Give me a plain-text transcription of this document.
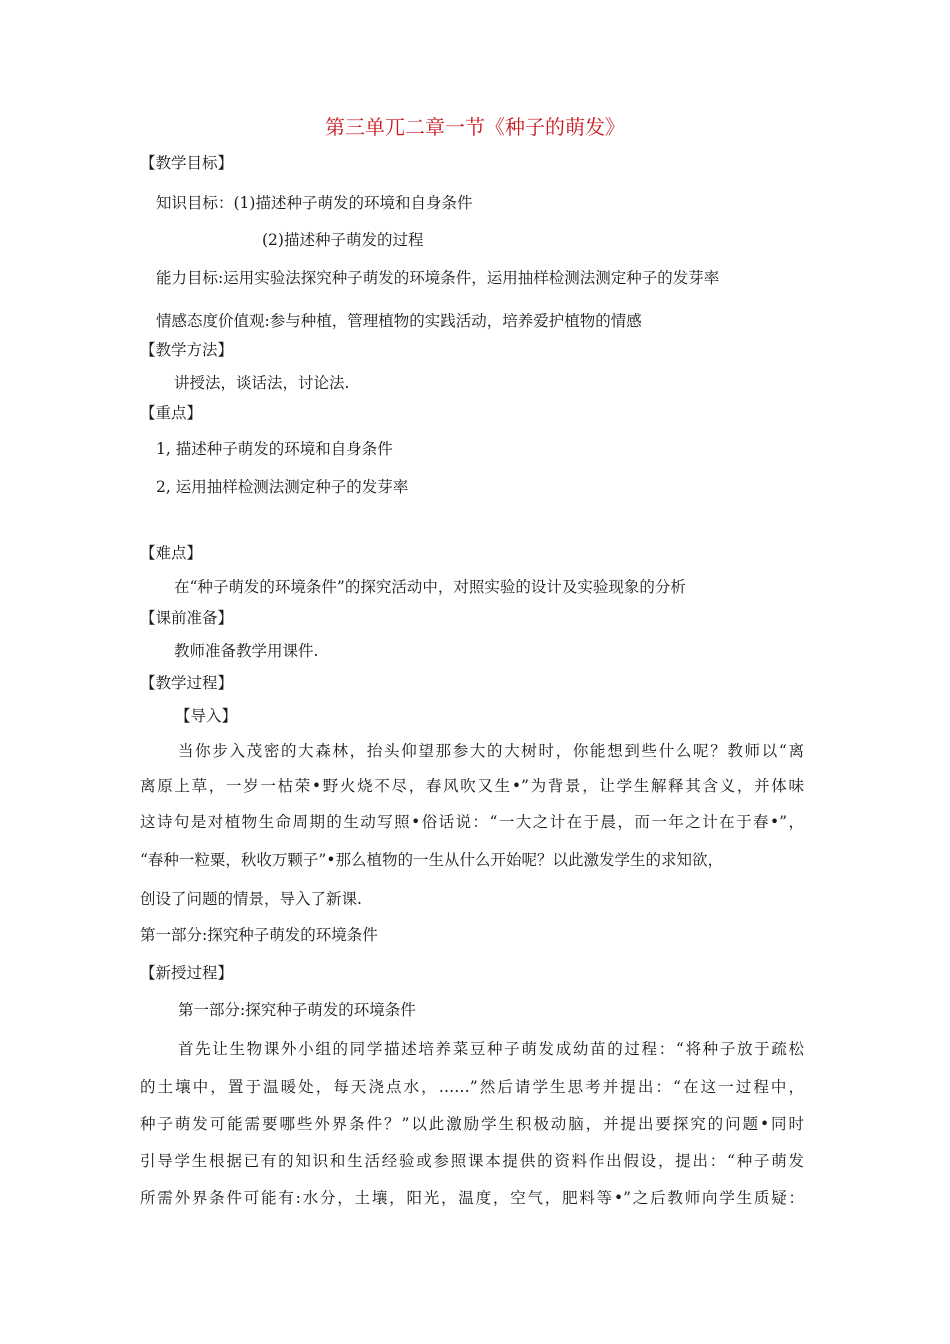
第三单兀二章一节《种子的萌发》
【教学目标】
知识目标：(1)描述种子萌发的环境和自身条件
(2)描述种子萌发的过程
能力目标:运用实验法探究种子萌发的环境条件，运用抽样检测法测定种子的发芽率
情感态度价值观:参与种植，管理植物的实践活动，培养爱护植物的情感
【教学方法】
讲授法，谈话法，讨论法.
【重点】
1, 描述种子萌发的环境和自身条件
2, 运用抽样检测法测定种子的发芽率
【难点】
在“种子萌发的环境条件”的探究活动中，对照实验的设计及实验现象的分析
【课前准备】
教师准备教学用课件.
【教学过程】
【导入】
当你步入茂密的大森林，抬头仰望那参大的大树时，你能想到些什么呢？教师以“离
离原上草，一岁一枯荣•野火烧不尽，春风吹又生•”为背景，让学生解释其含义，并体味
这诗句是对植物生命周期的生动写照•俗话说：“一大之计在于晨，而一年之计在于春•”，
“春种一粒粟，秋收万颗子”•那么植物的一生从什么开始呢？以此激发学生的求知欲，
创设了问题的情景，导入了新课.
第一部分:探究种子萌发的环境条件
【新授过程】
第一部分:探究种子萌发的环境条件
首先让生物课外小组的同学描述培养菜豆种子萌发成幼苗的过程：“将种子放于疏松
的土壤中，置于温暖处，每天浇点水，……”然后请学生思考并提出：“在这一过程中，
种子萌发可能需要哪些外界条件？”以此激励学生积极动脑，并提出要探究的问题•同时
引导学生根据已有的知识和生活经验或参照课本提供的资料作出假设，提出：“种子萌发
所需外界条件可能有:水分，土壤，阳光，温度，空气，肥料等•”之后教师向学生质疑：
